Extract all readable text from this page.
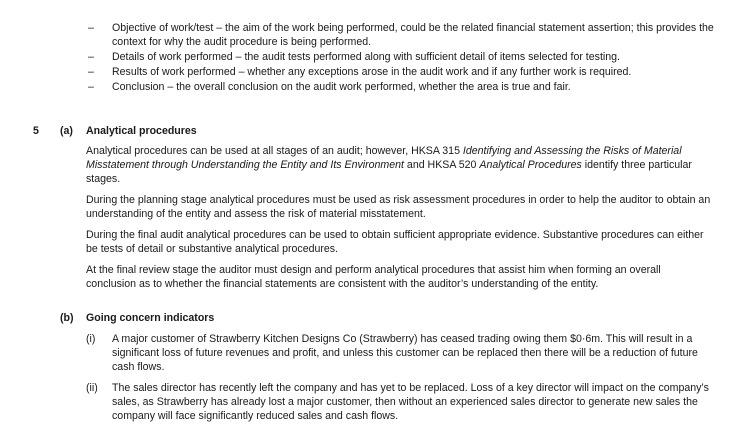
– Objective of work/test – the aim of the work being performed, could be the related financial statement assertion; this provides the context for why the audit procedure is being performed.
– Details of work performed – the audit tests performed along with sufficient detail of items selected for testing.
– Results of work performed – whether any exceptions arose in the audit work and if any further work is required.
– Conclusion – the overall conclusion on the audit work performed, whether the area is true and fair.
5 (a) Analytical procedures

Analytical procedures can be used at all stages of an audit; however, HKSA 315 Identifying and Assessing the Risks of Material Misstatement through Understanding the Entity and Its Environment and HKSA 520 Analytical Procedures identify three particular stages.

During the planning stage analytical procedures must be used as risk assessment procedures in order to help the auditor to obtain an understanding of the entity and assess the risk of material misstatement.

During the final audit analytical procedures can be used to obtain sufficient appropriate evidence. Substantive procedures can either be tests of detail or substantive analytical procedures.

At the final review stage the auditor must design and perform analytical procedures that assist him when forming an overall conclusion as to whether the financial statements are consistent with the auditor’s understanding of the entity.

(b) Going concern indicators
(i) A major customer of Strawberry Kitchen Designs Co (Strawberry) has ceased trading owing them $0·6m. This will result in a significant loss of future revenues and profit, and unless this customer can be replaced then there will be a reduction of future cash flows.
(ii) The sales director has recently left the company and has yet to be replaced. Loss of a key director will impact on the company’s sales, as Strawberry has already lost a major customer, then without an experienced sales director to generate new sales the company will face significantly reduced sales and cash flows.
